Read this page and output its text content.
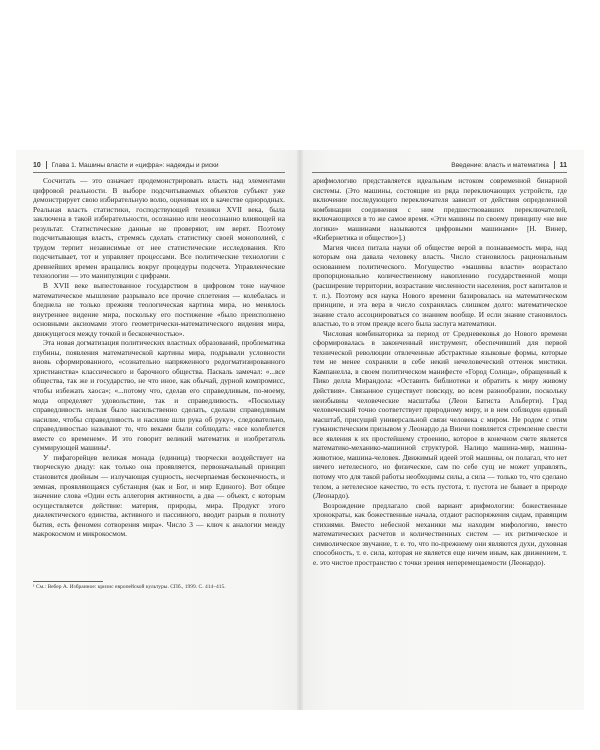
10 Глава 1. Машины власти и «цифра»: надежды и риски	Введение: власть и математика 11

Сосчитать — это означает продемонстрировать власть над элементами цифровой реальности. В выборе подсчитываемых объектов субъект уже демонстрирует свою избирательную волю, оценивая их в качестве однородных. Реальная власть статистики, господствующей техники XVII века, была заключена в такой избирательности, осознанно или неосознанно влияющей на результат. Статистические данные не проверяют, им верят. Поэтому подсчитывающая власть, стремясь сделать статистику своей монополией, с трудом терпит независимые от нее статистические исследования. Кто подсчитывает, тот и управляет процессами. Все политические технологии с древнейших времен вращались вокруг процедуры подсчета. Управленческие технологии — это манипуляции с цифрами.

В XVII веке выпестованное государством в цифровом тоне научное математическое мышление разрывало все прочие сплетения — колебалась и бледнела не только прежняя теологическая картина мира, но менялось внутреннее видение мира, поскольку его постижение «было преисполнено основными аксиомами этого геометрически-математического видения мира, движущегося между точкой и бесконечностью».

Эта новая догматизация политических властных образований, проблематика глубины, появления математической картины мира, подрывали условности вновь сформированного, «сознательно напряженного редогматизированного христианства» классического и барочного общества. Паскаль замечал: «...все общества, так же и государство, не что иное, как обычай, дурной компромисс, чтобы избежать хаоса»; «...потому что, сделав его справедливым, по-моему, мода определяет удовольствие, так и справедливость. «Поскольку справедливость нельзя было насильственно сделать, сделали справедливым насилие, чтобы справедливость и насилие шли рука об руку», следовательно, справедливостью называют то, что веками были соблюдать: «все колеблется вместе со временем». И это говорит великий математик и изобретатель суммирующей машины¹.

У пифагорейцев великая монада (единица) творчески воздействует на творческую диаду: как только она проявляется, первоначальный принцип становится двойным — излучающая сущность, несчерпаемая бесконечность, и земная, проявляющаяся субстанция (как и Бог, и мир Единого). Вот общее значение слова «Один есть аллегория активности, а два — объект, с которым осуществляется действие: материя, природы, мира. Продукт этого диалектического единства, активного и пассивного, вводит разрыв в полноту бытия, есть феномен сотворения мира». Число 3 — ключ к аналогии между макрокосмом и микрокосмом.

¹ См.: Вебер А. Избранное: кризис европейской культуры. СПб., 1999. С. 414–415.

арифмологию представляется идеальным истоком современной бинарной системы. (Это машины, состоящие из ряда переключающих устройств, где включение последующего переключателя зависит от действия определенной комбинации соединения с ним предшествовавших переключателей, включающихся в то же самое время. «Эти машины по своему принципу «не вне логики» машинами называются цифровыми машинами» [Н. Винер, «Кибернетика и общество»].)

Магия чисел питала науки об обществе верой в познаваемость мира, над которым она давала человеку власть. Число становилось рациональным основанием политического. Могущество «машины власти» возрастало пропорционально количественному накоплению государственной мощи (расширение территории, возрастание численности населения, рост капиталов и т. п.). Поэтому вся наука Нового времени базировалась на математическом принципе, и эта вера в число сохранялась слишком долго: математическое знание стало ассоциироваться со знанием вообще. И если знание становилось властью, то в этом прежде всего была заслуга математики.

Числовая комбинаторика за период от Средневековья до Нового времени сформировалась в законченный инструмент, обеспечивший для первой технической революции отвлеченные абстрактные языковые формы, которые тем не менее сохраняли в себе некий нечеловеческий оттенок мистики. Кампанелла, в своем политическом манифесте «Город Солнца», обращенный к Пико делла Мирандола: «Оставить библиотеки и обратить к миру живому действия». Связанное существует повсюду, во всем разнообразии, поскольку неизбывны человеческие масштабы (Леон Батиста Альберти). Град человеческий точно соответствует природному миру, и в нем соблюден единый масштаб, присущий универсальной связи человека с миром. Не родом с этим гуманистическим призывом у Леонардо да Винчи появляется стремление свести все явления к их простейшему строению, которое в конечном счете является математико-механико-машинной структурой. Налицо машина-мир, машина-животное, машина-человек. Движимый идеей этой машины, он полагал, что нет ничего нетелесного, но физическое, сам по себе сущ не может управлять, потому что для такой работы необходимы силы, а сила — только то, что сделано телом, а нетелесное качество, то есть пустота, т. пустота не бывает в природе (Леонардо).

Возрождение предлагало свой вариант арифмологии: божественные хронократы, как божественные начала, отдают распоряжения сидам, правящим стихиями. Вместо небесной механики мы находим мифологию, вместо математических расчетов и количественных систем — их ритмическое и символическое звучание, т. е. то, что по-прежнему они являются духи, духовная способность, т. е. сила, которая не является еще ничем иным, как движением, т. е. это чистое пространство с точки зрения неперемещаемости (Леонардо).
